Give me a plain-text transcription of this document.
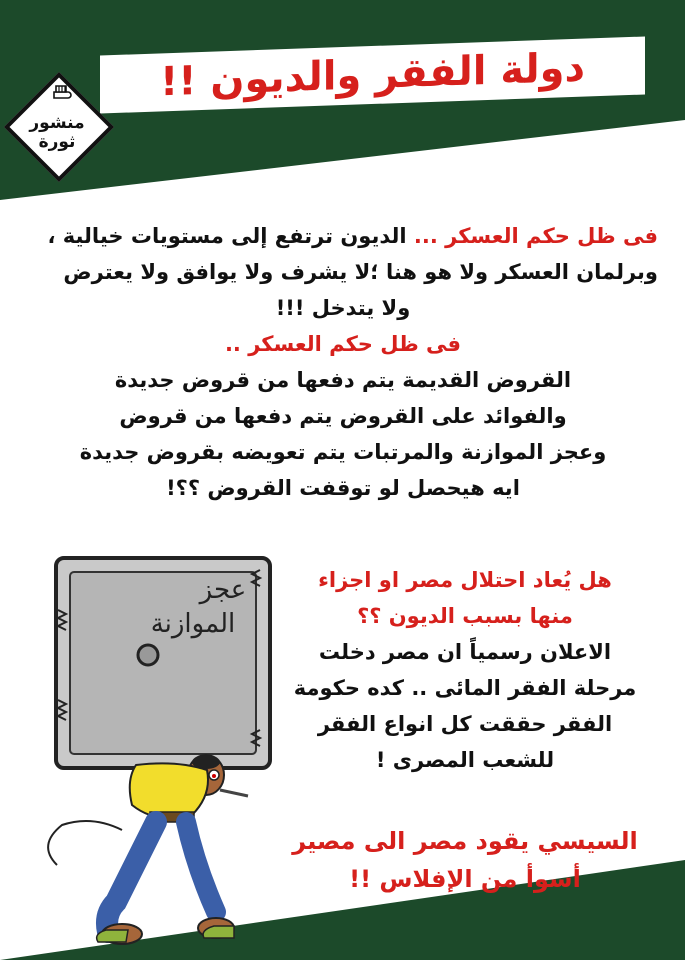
دولة الفقر والديون !!
منشور
ثورة

فى ظل حكم العسكر ... الديون ترتفع إلى مستويات خيالية ،

وبرلمان العسكر ولا هو هنا ؛لا يشرف ولا يوافق ولا يعترض

ولا يتدخل !!!

فى ظل حكم العسكر ..

القروض القديمة يتم دفعها من قروض جديدة

والفوائد على القروض يتم دفعها من قروض

وعجز الموازنة والمرتبات يتم تعويضه بقروض جديدة

ايه هيحصل لو توقفت القروض ؟؟!

عجز
الموازنة

هل يُعاد احتلال مصر او اجزاء

منها بسبب الديون ؟؟

الاعلان رسمياً ان مصر دخلت

مرحلة الفقر المائى .. كده حكومة

الفقر حققت كل انواع الفقر

للشعب المصرى !

السيسي يقود مصر الى مصير

أسوأ من الإفلاس !!
